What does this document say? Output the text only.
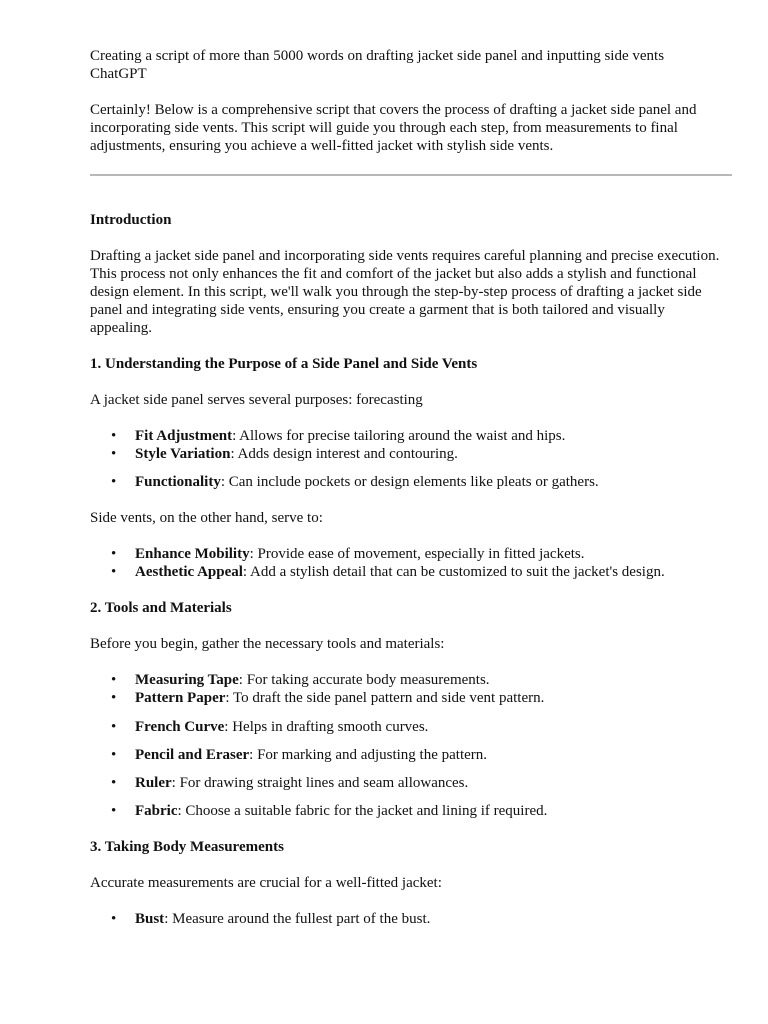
Creating a script of more than 5000 words on drafting jacket side panel and inputting side vents

ChatGPT

Certainly! Below is a comprehensive script that covers the process of drafting a jacket side panel and incorporating side vents. This script will guide you through each step, from measurements to final adjustments, ensuring you achieve a well-fitted jacket with stylish side vents.

Introduction

Drafting a jacket side panel and incorporating side vents requires careful planning and precise execution. This process not only enhances the fit and comfort of the jacket but also adds a stylish and functional design element. In this script, we'll walk you through the step-by-step process of drafting a jacket side panel and integrating side vents, ensuring you create a garment that is both tailored and visually appealing.

1. Understanding the Purpose of a Side Panel and Side Vents

A jacket side panel serves several purposes: forecasting

• Fit Adjustment: Allows for precise tailoring around the waist and hips.
• Style Variation: Adds design interest and contouring.
• Functionality: Can include pockets or design elements like pleats or gathers.

Side vents, on the other hand, serve to:

• Enhance Mobility: Provide ease of movement, especially in fitted jackets.
• Aesthetic Appeal: Add a stylish detail that can be customized to suit the jacket's design.

2. Tools and Materials

Before you begin, gather the necessary tools and materials:

• Measuring Tape: For taking accurate body measurements.
• Pattern Paper: To draft the side panel pattern and side vent pattern.
• French Curve: Helps in drafting smooth curves.
• Pencil and Eraser: For marking and adjusting the pattern.
• Ruler: For drawing straight lines and seam allowances.
• Fabric: Choose a suitable fabric for the jacket and lining if required.

3. Taking Body Measurements

Accurate measurements are crucial for a well-fitted jacket:

• Bust: Measure around the fullest part of the bust.
